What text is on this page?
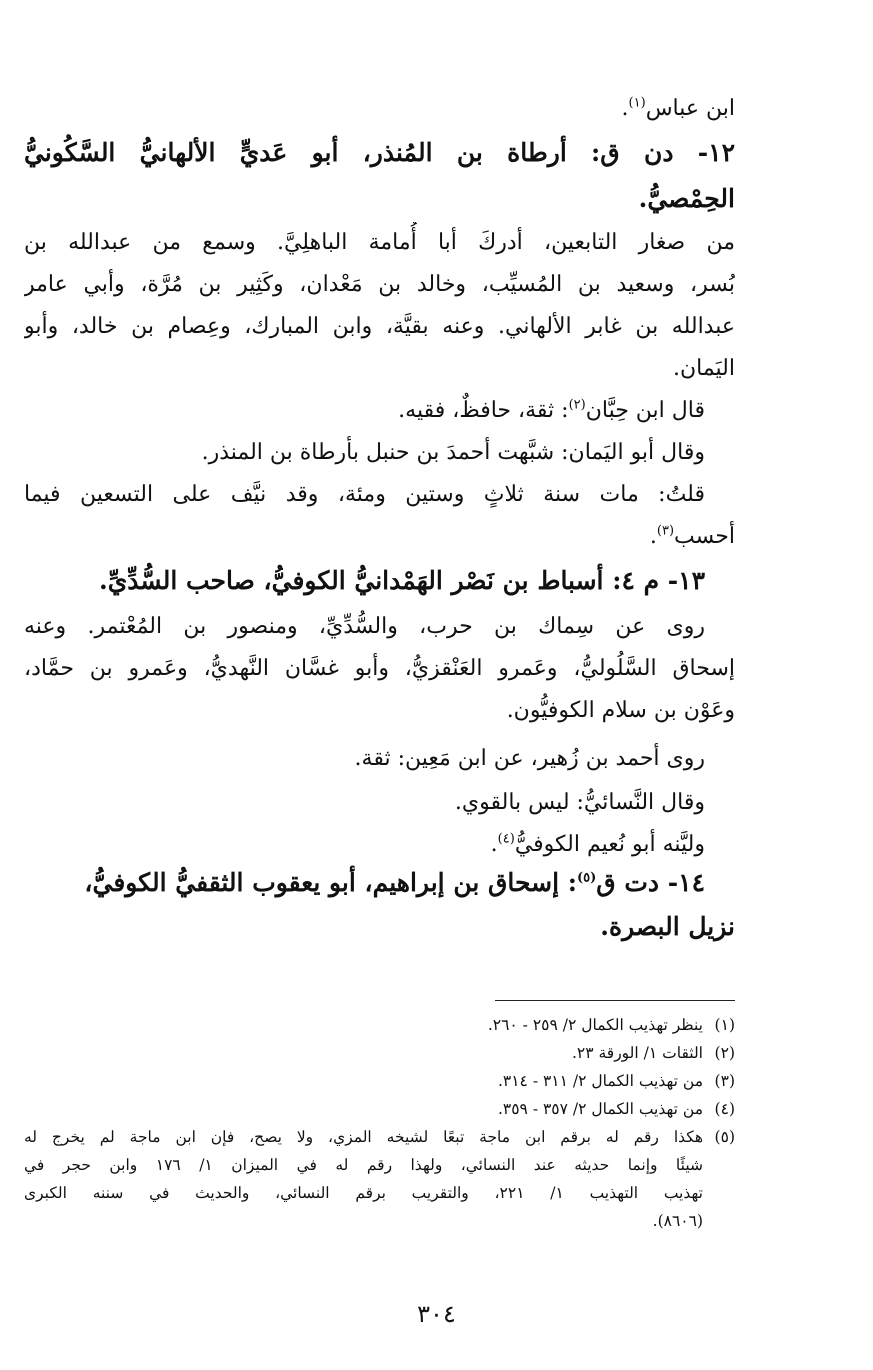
ابن عباس$^{(١)}$.
١٢- دن ق: أرطاة بن المُنذر، أبو عَديٍّ الألهانيُّ السَّكُونيُّ
الحِمْصيُّ.
من صغار التابعين، أدركَ أبا أُمامة الباهلِيَّ. وسمع من عبدالله بن
بُسر، وسعيد بن المُسيِّب، وخالد بن مَعْدان، وكَثِير بن مُرَّة، وأبي عامر
عبدالله بن غابر الألهاني. وعنه بقيَّة، وابن المبارك، وعِصام بن خالد، وأبو
اليَمان.
قال ابن حِبَّان$^{(٢)}$: ثقة، حافظٌ، فقيه.
وقال أبو اليَمان: شبَّهت أحمدَ بن حنبل بأرطاة بن المنذر.
قلتُ: مات سنة ثلاثٍ وستين ومئة، وقد نيَّف على التسعين فيما
أحسب$^{(٣)}$.
١٣- م ٤: أسباط بن نَصْر الهَمْدانيُّ الكوفيُّ، صاحب السُّدِّيِّ.
روى عن سِماك بن حرب، والسُّدِّيِّ، ومنصور بن المُعْتمر. وعنه
إسحاق السَّلُوليُّ، وعَمرو العَنْقزيُّ، وأبو غسَّان النَّهديُّ، وعَمرو بن حمَّاد،
وعَوْن بن سلام الكوفيُّون.
روى أحمد بن زُهير، عن ابن مَعِين: ثقة.
وقال النَّسائيُّ: ليس بالقوي.
وليَّنه أبو نُعيم الكوفيُّ$^{(٤)}$.
١٤- دت ق$^{(٥)}$: إسحاق بن إبراهيم، أبو يعقوب الثقفيُّ الكوفيُّ،
نزيل البصرة.
(١)ينظر تهذيب الكمال ٢/ ٢٥٩ - ٢٦٠.
(٢)الثقات ١/ الورقة ٢٣.
(٣)من تهذيب الكمال ٢/ ٣١١ - ٣١٤.
(٤)من تهذيب الكمال ٢/ ٣٥٧ - ٣٥٩.
(٥)هكذا رقم له برقم ابن ماجة تبعًا لشيخه المزي، ولا يصح، فإن ابن ماجة لم يخرج له
شيئًا وإنما حديثه عند النسائي، ولهذا رقم له في الميزان ١/ ١٧٦ وابن حجر في
تهذيب التهذيب ١/ ٢٢١، والتقريب برقم النسائي، والحديث في سننه الكبرى
(٨٦٠٦).
٣٠٤
